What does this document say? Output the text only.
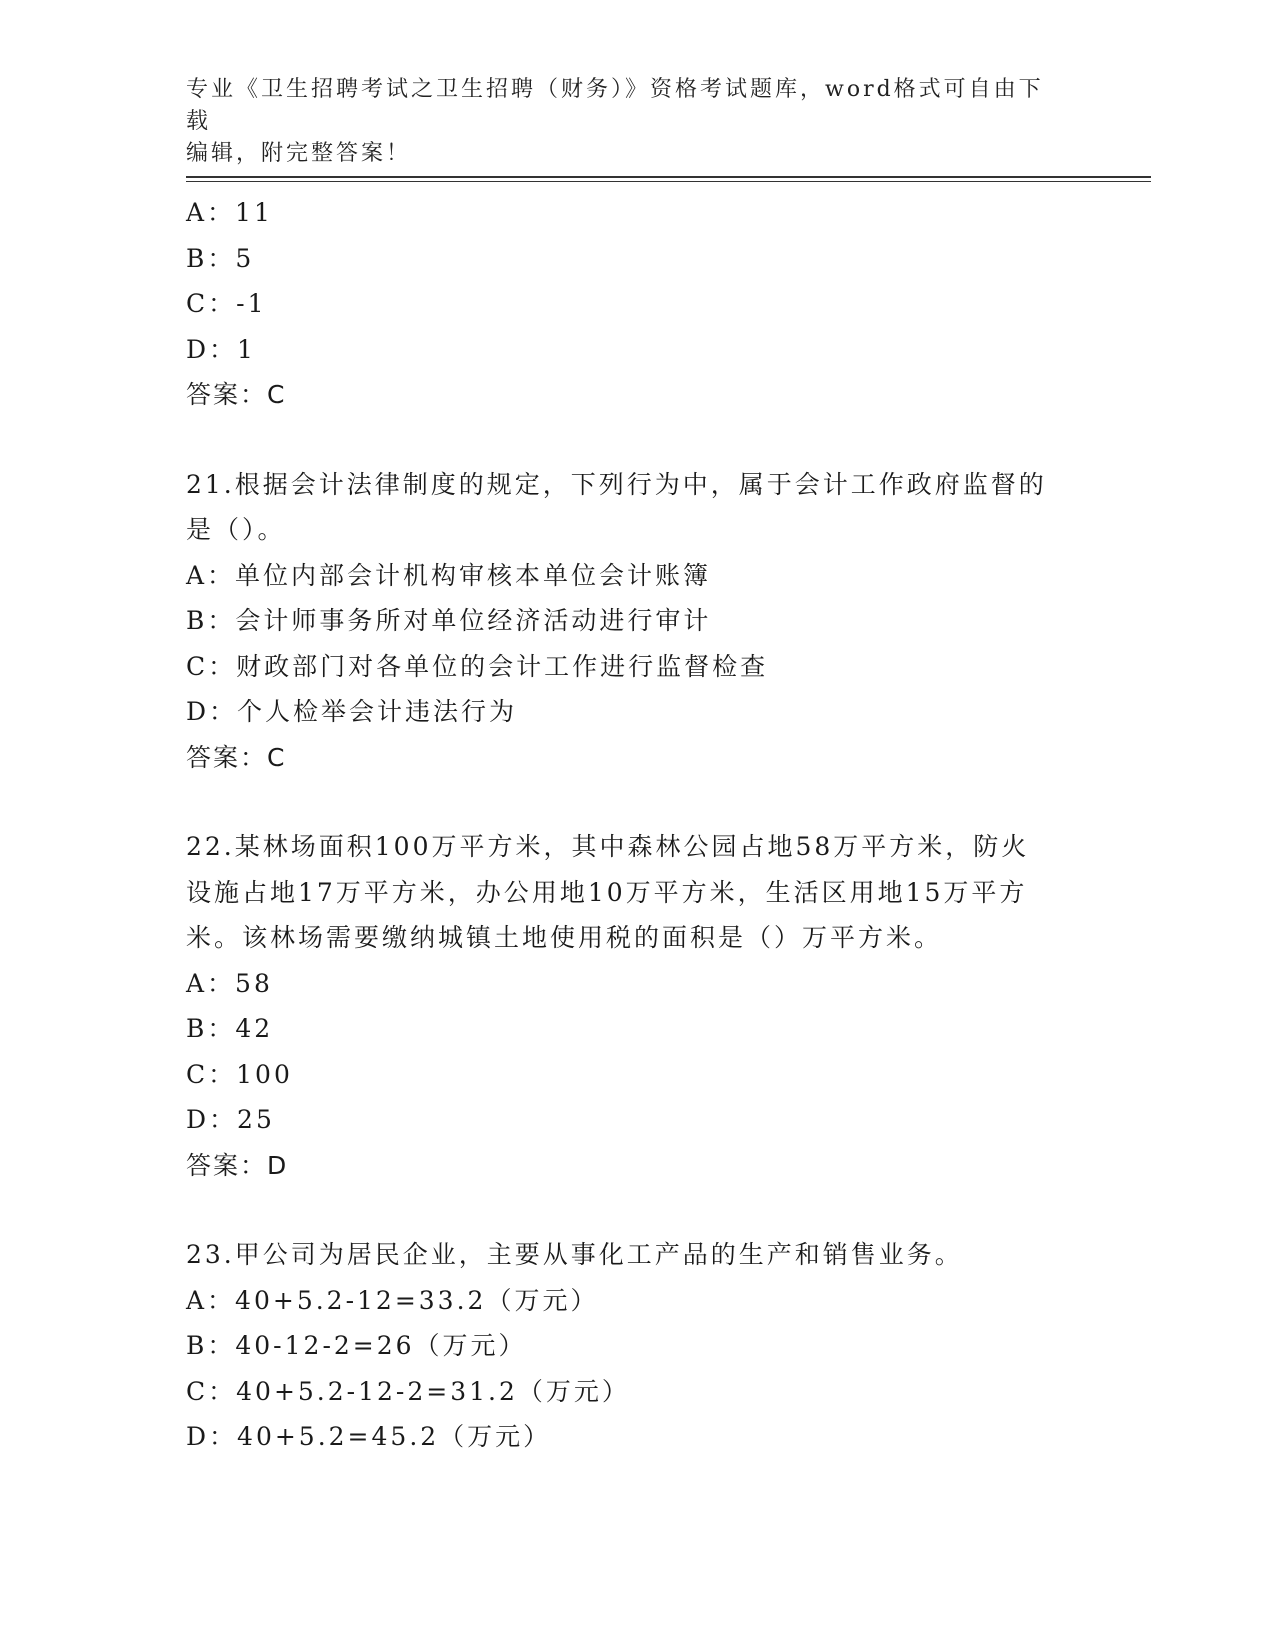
专业《卫生招聘考试之卫生招聘（财务）》资格考试题库，word格式可自由下载
编辑，附完整答案！
A：11
B：5
C：-1
D：1
答案：C
21.根据会计法律制度的规定，下列行为中，属于会计工作政府监督的
是（）。
A：单位内部会计机构审核本单位会计账簿
B：会计师事务所对单位经济活动进行审计
C：财政部门对各单位的会计工作进行监督检查
D：个人检举会计违法行为
答案：C
22.某林场面积100万平方米，其中森林公园占地58万平方米，防火
设施占地17万平方米，办公用地10万平方米，生活区用地15万平方
米。该林场需要缴纳城镇土地使用税的面积是（）万平方米。
A：58
B：42
C：100
D：25
答案：D
23.甲公司为居民企业，主要从事化工产品的生产和销售业务。
A：40+5.2-12=33.2（万元）
B：40-12-2=26（万元）
C：40+5.2-12-2=31.2（万元）
D：40+5.2=45.2（万元）
